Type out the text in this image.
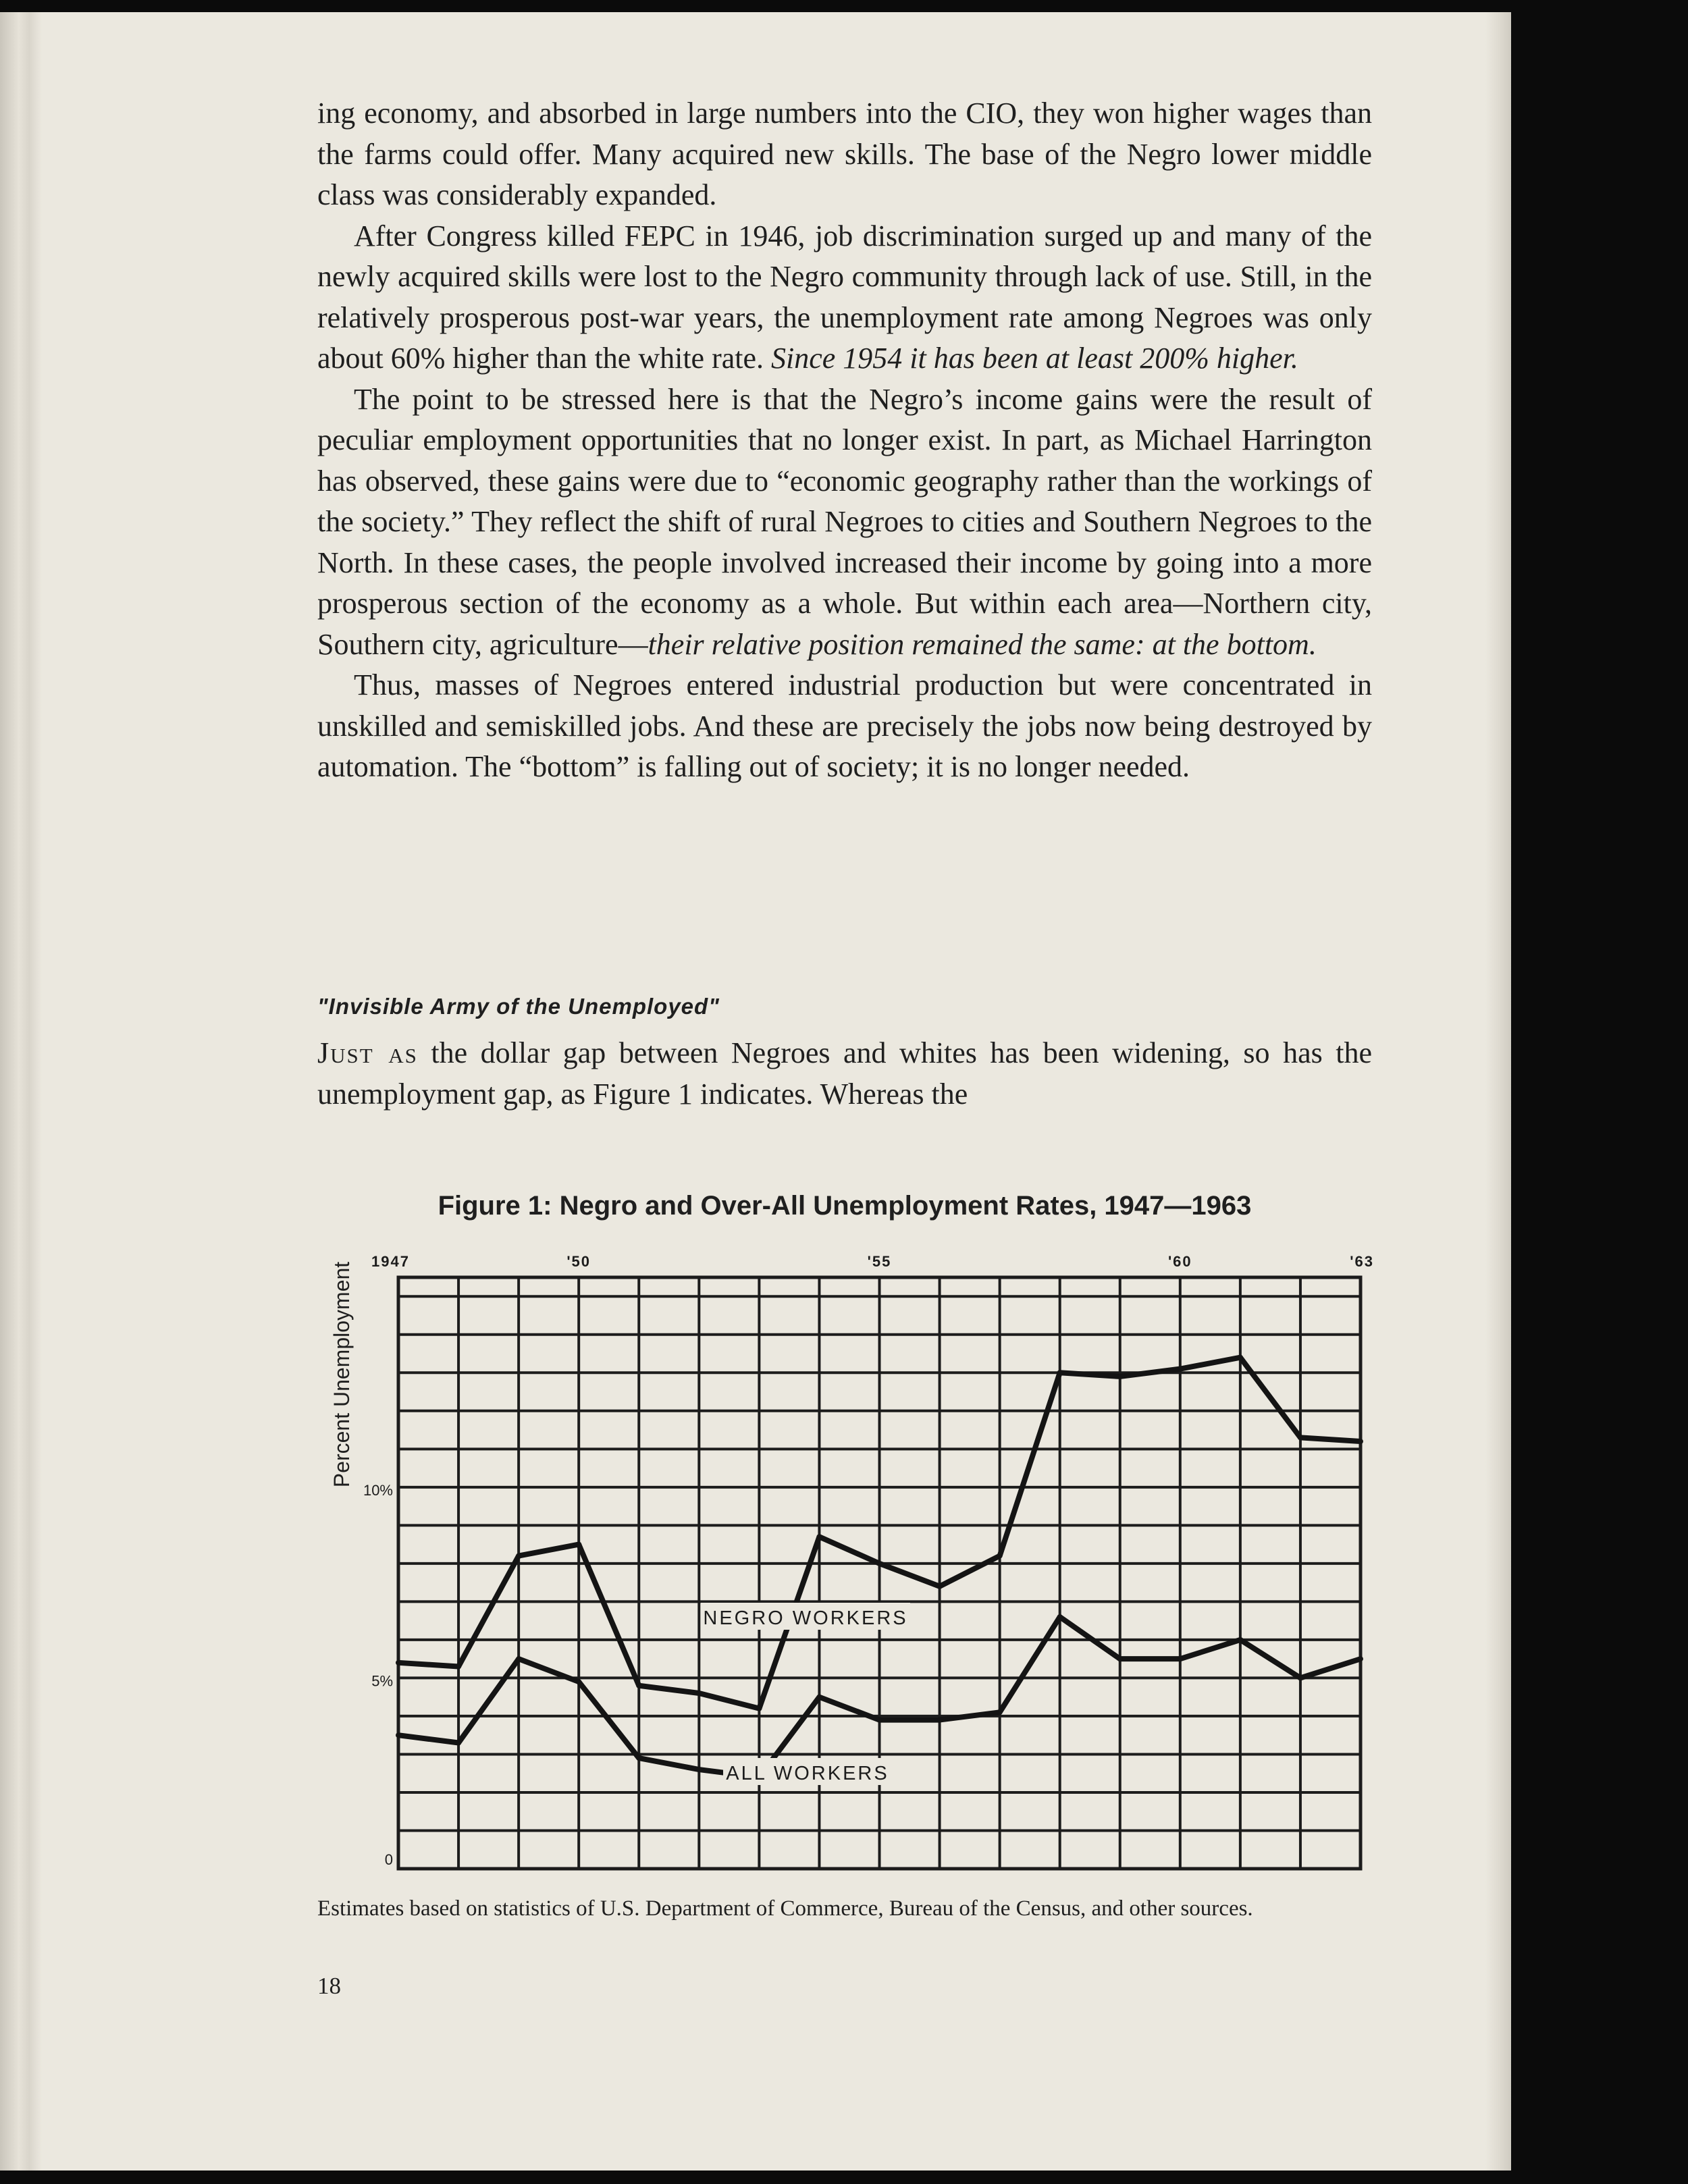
ing economy, and absorbed in large numbers into the CIO, they won higher wages than the farms could offer. Many acquired new skills. The base of the Negro lower middle class was considerably expanded.

After Congress killed FEPC in 1946, job discrimination surged up and many of the newly acquired skills were lost to the Negro community through lack of use. Still, in the relatively prosperous post-war years, the unemployment rate among Negroes was only about 60% higher than the white rate. Since 1954 it has been at least 200% higher.

The point to be stressed here is that the Negro’s income gains were the result of peculiar employment opportunities that no longer exist. In part, as Michael Harrington has observed, these gains were due to “economic geography rather than the workings of the society.” They reflect the shift of rural Negroes to cities and Southern Negroes to the North. In these cases, the people involved increased their income by going into a more prosperous section of the economy as a whole. But within each area—Northern city, Southern city, agriculture—their relative position remained the same: at the bottom.

Thus, masses of Negroes entered industrial production but were concentrated in unskilled and semiskilled jobs. And these are precisely the jobs now being destroyed by automation. The “bottom” is falling out of society; it is no longer needed.

"Invisible Army of the Unemployed"

Just as the dollar gap between Negroes and whites has been widening, so has the unemployment gap, as Figure 1 indicates. Whereas the

Figure 1: Negro and Over-All Unemployment Rates, 1947—1963
Percent Unemployment
1947	'50	'55	'60	'63
0
5%
10%
NEGRO WORKERS
ALL WORKERS
Estimates based on statistics of U.S. Department of Commerce, Bureau of the Census, and other sources.
18
